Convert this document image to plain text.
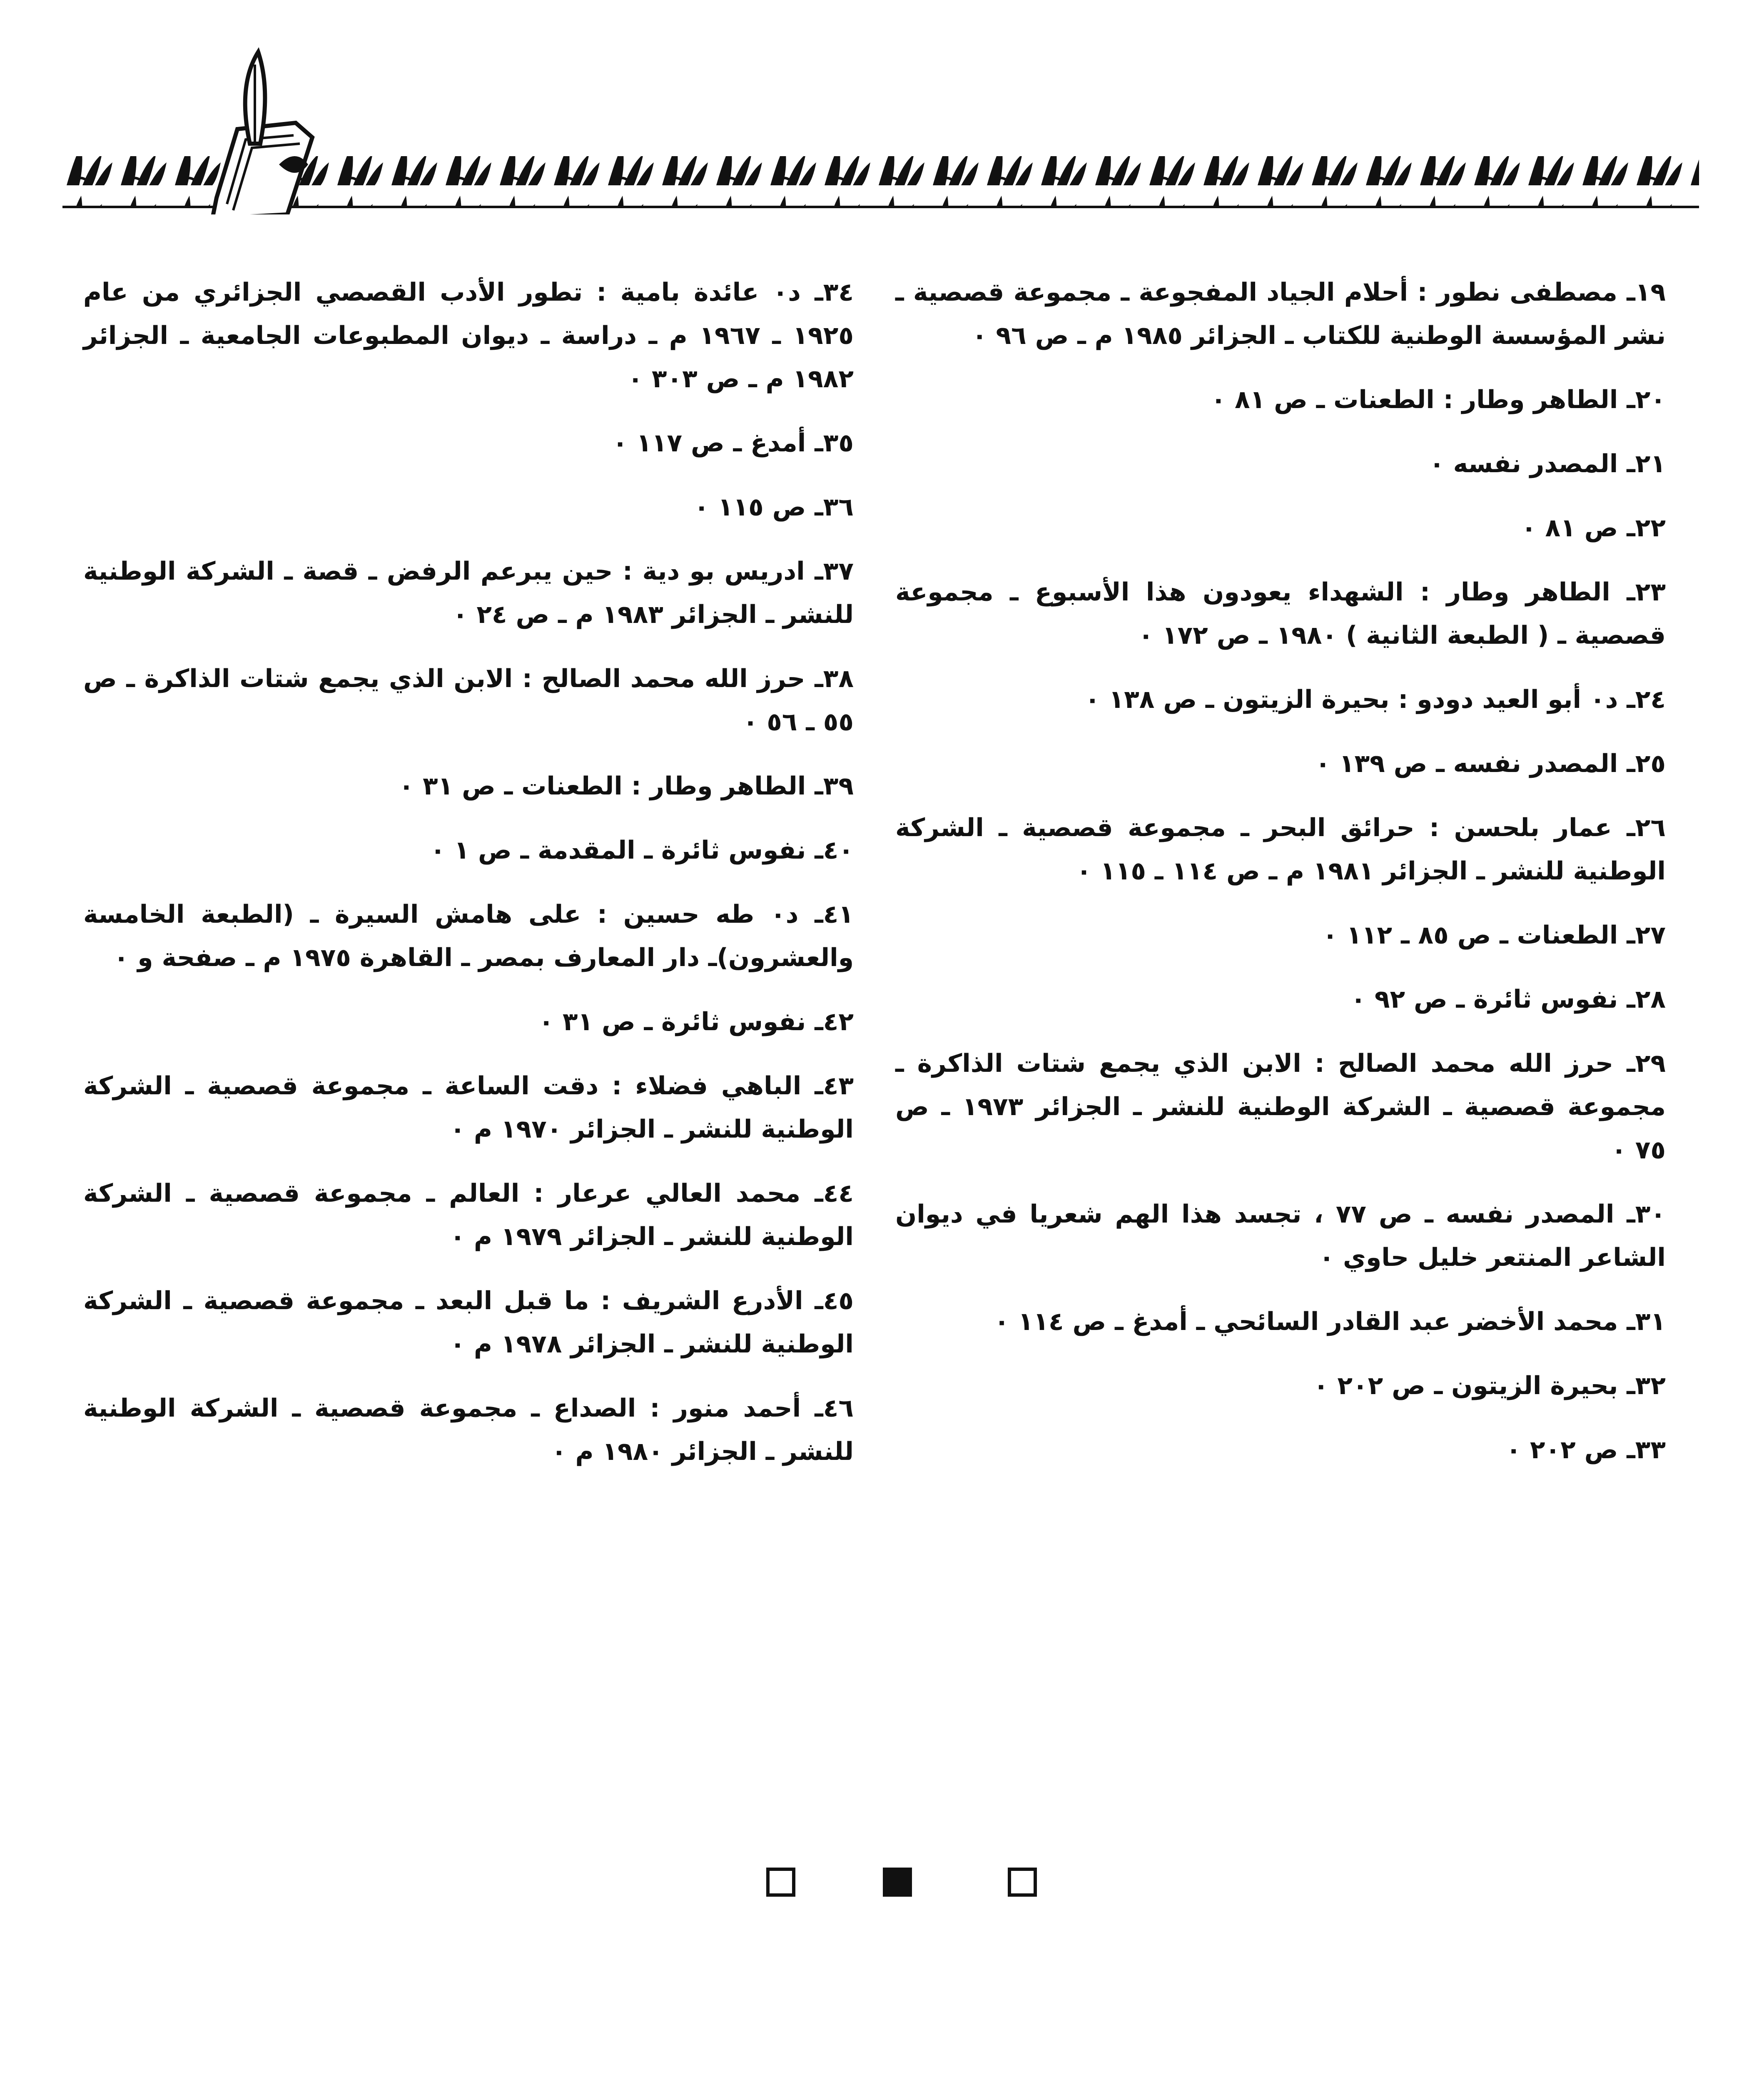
١٩ـ مصطفى نطور : أحلام الجياد المفجوعة ـ مجموعة قصصية ـ نشر المؤسسة الوطنية للكتاب ـ الجزائر ١٩٨٥ م ـ ص ٩٦ ٠
٢٠ـ الطاهر وطار : الطعنات ـ ص ٨١ ٠
٢١ـ المصدر نفسه ٠
٢٢ـ ص ٨١ ٠
٢٣ـ الطاهر وطار : الشهداء يعودون هذا الأسبوع ـ مجموعة قصصية ـ ( الطبعة الثانية ) ١٩٨٠ ـ ص ١٧٢ ٠
٢٤ـ د٠ أبو العيد دودو : بحيرة الزيتون ـ ص ١٣٨ ٠
٢٥ـ المصدر نفسه ـ ص ١٣٩ ٠
٢٦ـ عمار بلحسن : حرائق البحر ـ مجموعة قصصية ـ الشركة الوطنية للنشر ـ الجزائر ١٩٨١ م ـ ص ١١٤ ـ ١١٥ ٠
٢٧ـ الطعنات ـ ص ٨٥ ـ ١١٢ ٠
٢٨ـ نفوس ثائرة ـ ص ٩٢ ٠
٢٩ـ حرز الله محمد الصالح : الابن الذي يجمع شتات الذاكرة ـ مجموعة قصصية ـ الشركة الوطنية للنشر ـ الجزائر ١٩٧٣ ـ ص ٧٥ ٠
٣٠ـ المصدر نفسه ـ ص ٧٧ ، تجسد هذا الهم شعريا في ديوان الشاعر المنتعر خليل حاوي ٠
٣١ـ محمد الأخضر عبد القادر السائحي ـ أمدغ ـ ص ١١٤ ٠
٣٢ـ بحيرة الزيتون ـ ص ٢٠٢ ٠
٣٣ـ ص ٢٠٢ ٠
٣٤ـ د٠ عائدة بامية : تطور الأدب القصصي الجزائري من عام ١٩٢٥ ـ ١٩٦٧ م ـ دراسة ـ ديوان المطبوعات الجامعية ـ الجزائر ١٩٨٢ م ـ ص ٣٠٣ ٠
٣٥ـ أمدغ ـ ص ١١٧ ٠
٣٦ـ ص ١١٥ ٠
٣٧ـ ادريس بو دية : حين يبرعم الرفض ـ قصة ـ الشركة الوطنية للنشر ـ الجزائر ١٩٨٣ م ـ ص ٢٤ ٠
٣٨ـ حرز الله محمد الصالح : الابن الذي يجمع شتات الذاكرة ـ ص ٥٥ ـ ٥٦ ٠
٣٩ـ الطاهر وطار : الطعنات ـ ص ٣١ ٠
٤٠ـ نفوس ثائرة ـ المقدمة ـ ص ١ ٠
٤١ـ د٠ طه حسين : على هامش السيرة ـ (الطبعة الخامسة والعشرون)ـ دار المعارف بمصر ـ القاهرة ١٩٧٥ م ـ صفحة و ٠
٤٢ـ نفوس ثائرة ـ ص ٣١ ٠
٤٣ـ الباهي فضلاء : دقت الساعة ـ مجموعة قصصية ـ الشركة الوطنية للنشر ـ الجزائر ١٩٧٠ م ٠
٤٤ـ محمد العالي عرعار : العالم ـ مجموعة قصصية ـ الشركة الوطنية للنشر ـ الجزائر ١٩٧٩ م ٠
٤٥ـ الأدرع الشريف : ما قبل البعد ـ مجموعة قصصية ـ الشركة الوطنية للنشر ـ الجزائر ١٩٧٨ م ٠
٤٦ـ أحمد منور : الصداع ـ مجموعة قصصية ـ الشركة الوطنية للنشر ـ الجزائر ١٩٨٠ م ٠
